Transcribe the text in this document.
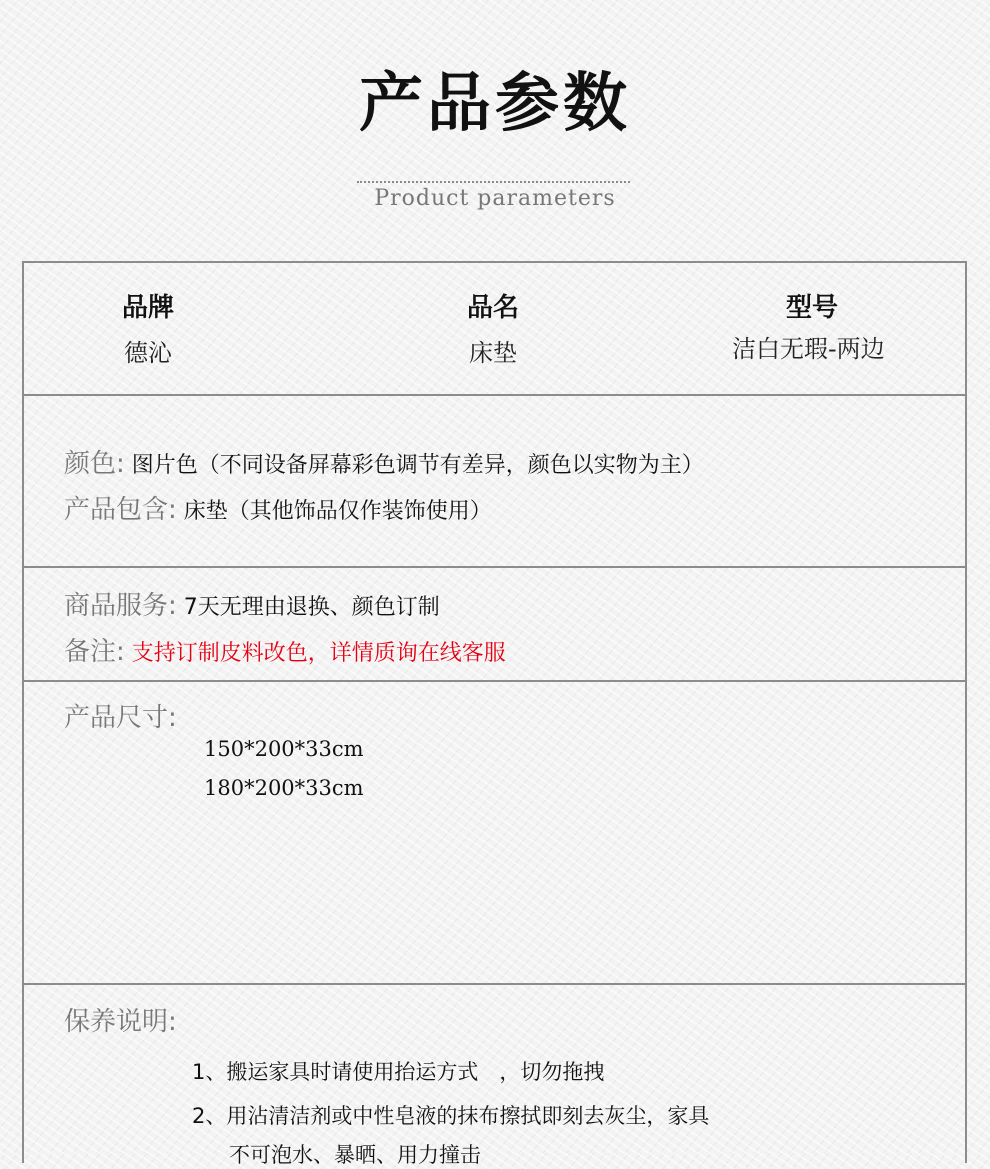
产品参数
Product parameters
品牌
德沁
品名
床垫
型号
洁白无瑕-两边
颜色: 图片色（不同设备屏幕彩色调节有差异，颜色以实物为主）
产品包含: 床垫（其他饰品仅作装饰使用）
商品服务: 7天无理由退换、颜色订制
备注: 支持订制皮料改色，详情质询在线客服
产品尺寸:
150*200*33cm
180*200*33cm
保养说明:
1、搬运家具时请使用抬运方式　，切勿拖拽
2、用沾清洁剂或中性皂液的抹布擦拭即刻去灰尘，家具
不可泡水、暴晒、用力撞击
